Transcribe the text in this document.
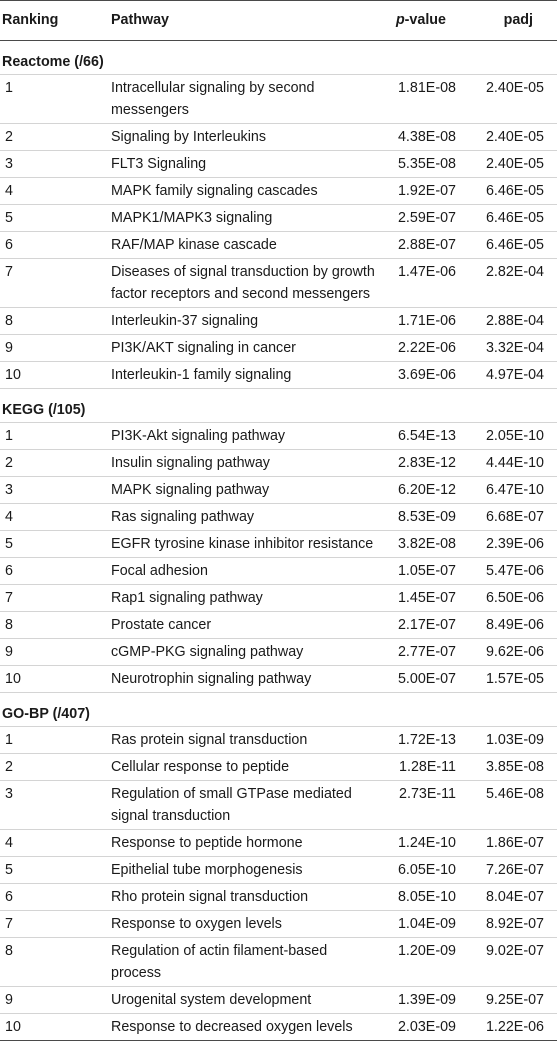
Ranking	Pathway	p-value	padj
Reactome (/66)			
1	Intracellular signaling by second messengers	1.81E-08	2.40E-05
2	Signaling by Interleukins	4.38E-08	2.40E-05
3	FLT3 Signaling	5.35E-08	2.40E-05
4	MAPK family signaling cascades	1.92E-07	6.46E-05
5	MAPK1/MAPK3 signaling	2.59E-07	6.46E-05
6	RAF/MAP kinase cascade	2.88E-07	6.46E-05
7	Diseases of signal transduction by growth factor receptors and second messengers	1.47E-06	2.82E-04
8	Interleukin-37 signaling	1.71E-06	2.88E-04
9	PI3K/AKT signaling in cancer	2.22E-06	3.32E-04
10	Interleukin-1 family signaling	3.69E-06	4.97E-04
KEGG (/105)			
1	PI3K-Akt signaling pathway	6.54E-13	2.05E-10
2	Insulin signaling pathway	2.83E-12	4.44E-10
3	MAPK signaling pathway	6.20E-12	6.47E-10
4	Ras signaling pathway	8.53E-09	6.68E-07
5	EGFR tyrosine kinase inhibitor resistance	3.82E-08	2.39E-06
6	Focal adhesion	1.05E-07	5.47E-06
7	Rap1 signaling pathway	1.45E-07	6.50E-06
8	Prostate cancer	2.17E-07	8.49E-06
9	cGMP-PKG signaling pathway	2.77E-07	9.62E-06
10	Neurotrophin signaling pathway	5.00E-07	1.57E-05
GO-BP (/407)			
1	Ras protein signal transduction	1.72E-13	1.03E-09
2	Cellular response to peptide	1.28E-11	3.85E-08
3	Regulation of small GTPase mediated signal transduction	2.73E-11	5.46E-08
4	Response to peptide hormone	1.24E-10	1.86E-07
5	Epithelial tube morphogenesis	6.05E-10	7.26E-07
6	Rho protein signal transduction	8.05E-10	8.04E-07
7	Response to oxygen levels	1.04E-09	8.92E-07
8	Regulation of actin filament-based process	1.20E-09	9.02E-07
9	Urogenital system development	1.39E-09	9.25E-07
10	Response to decreased oxygen levels	2.03E-09	1.22E-06
